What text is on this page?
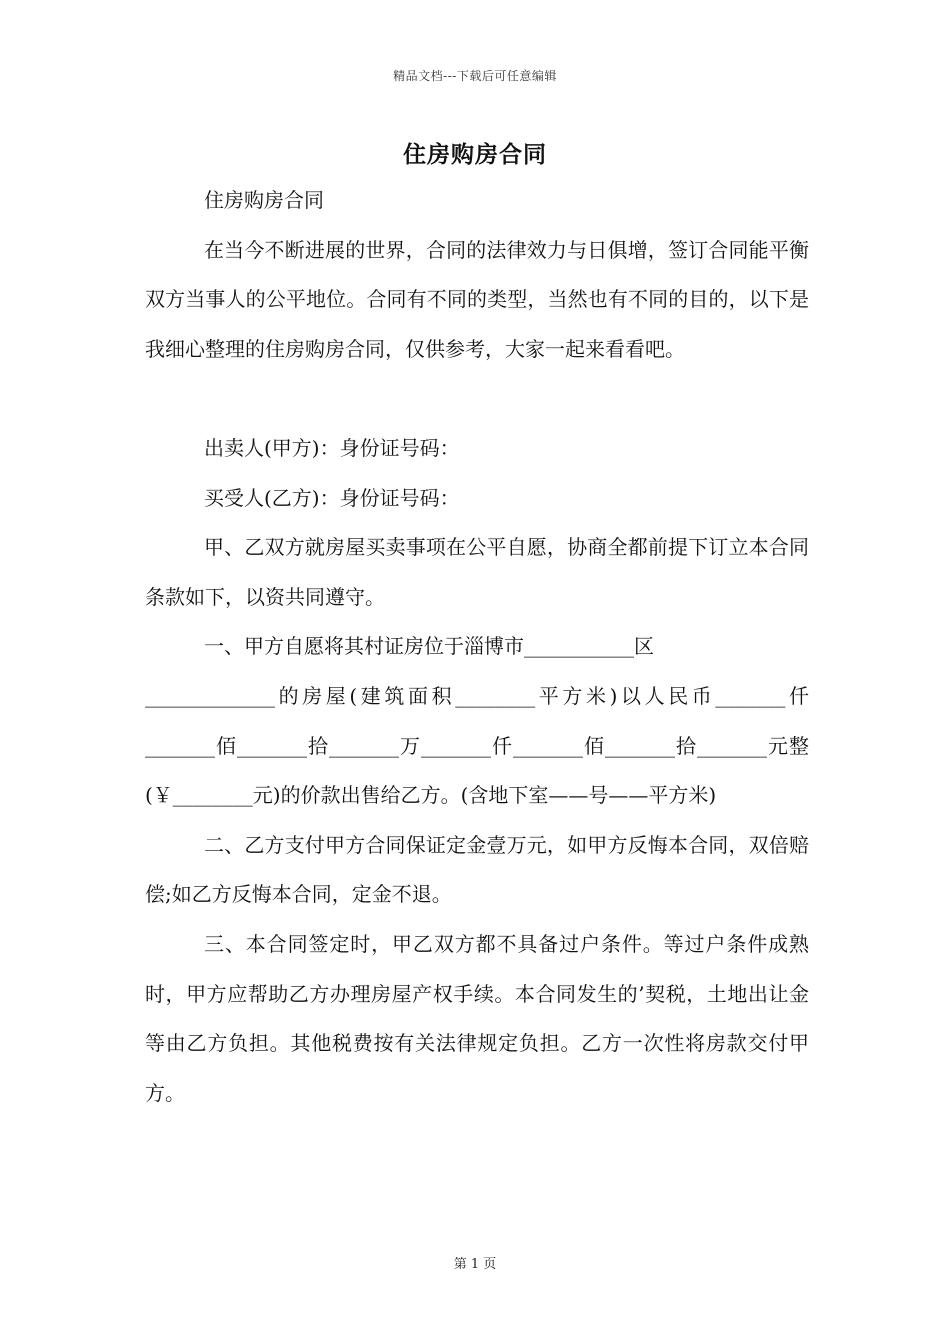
精品文档---下载后可任意编辑
住房购房合同

住房购房合同

在当今不断进展的世界，合同的法律效力与日俱增，签订合同能平衡双方当事人的公平地位。合同有不同的类型，当然也有不同的目的，以下是我细心整理的住房购房合同，仅供参考，大家一起来看看吧。

出卖人(甲方)：身份证号码：

买受人(乙方)：身份证号码：

甲、乙双方就房屋买卖事项在公平自愿，协商全都前提下订立本合同条款如下，以资共同遵守。

一、甲方自愿将其村证房位于淄博市___________区

_____________的房屋(建筑面积________平方米)以人民币_______仟_______佰_______拾_______万_______仟_______佰_______拾_______元整(￥________元)的价款出售给乙方。(含地下室——号——平方米)

二、乙方支付甲方合同保证定金壹万元，如甲方反悔本合同，双倍赔偿;如乙方反悔本合同，定金不退。

三、本合同签定时，甲乙双方都不具备过户条件。等过户条件成熟时，甲方应帮助乙方办理房屋产权手续。本合同发生的’契税，土地出让金等由乙方负担。其他税费按有关法律规定负担。乙方一次性将房款交付甲方。

第 1 页
